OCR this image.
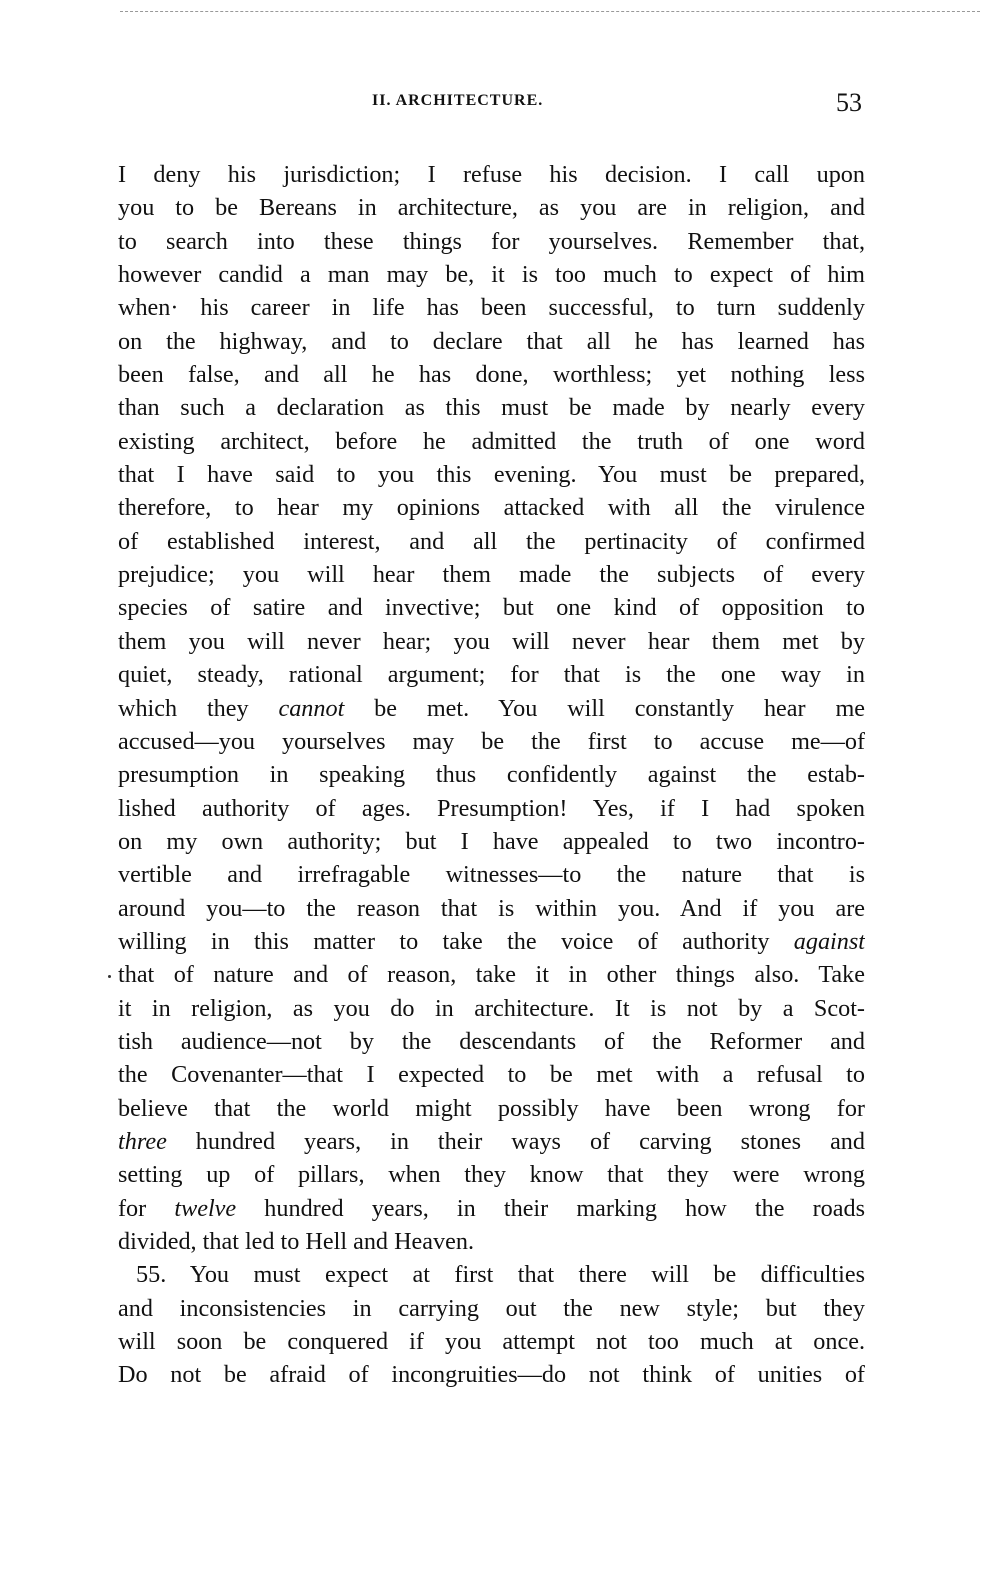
II. ARCHITECTURE.	53
I deny his jurisdiction; I refuse his decision. I call upon
you to be Bereans in architecture, as you are in religion, and
to search into these things for yourselves. Remember that,
however candid a man may be, it is too much to expect of him
when· his career in life has been successful, to turn suddenly
on the highway, and to declare that all he has learned has
been false, and all he has done, worthless; yet nothing less
than such a declaration as this must be made by nearly every
existing architect, before he admitted the truth of one word
that I have said to you this evening. You must be prepared,
therefore, to hear my opinions attacked with all the virulence
of established interest, and all the pertinacity of confirmed
prejudice; you will hear them made the subjects of every
species of satire and invective; but one kind of opposition to
them you will never hear; you will never hear them met by
quiet, steady, rational argument; for that is the one way in
which they cannot be met. You will constantly hear me
accused—you yourselves may be the first to accuse me—of
presumption in speaking thus confidently against the estab-
lished authority of ages. Presumption! Yes, if I had spoken
on my own authority; but I have appealed to two incontro-
vertible and irrefragable witnesses—to the nature that is
around you—to the reason that is within you. And if you are
willing in this matter to take the voice of authority against
that of nature and of reason, take it in other things also. Take
it in religion, as you do in architecture. It is not by a Scot-
tish audience—not by the descendants of the Reformer and
the Covenanter—that I expected to be met with a refusal to
believe that the world might possibly have been wrong for
three hundred years, in their ways of carving stones and
setting up of pillars, when they know that they were wrong
for twelve hundred years, in their marking how the roads
divided, that led to Hell and Heaven.
55. You must expect at first that there will be difficulties
and inconsistencies in carrying out the new style; but they
will soon be conquered if you attempt not too much at once.
Do not be afraid of incongruities—do not think of unities of
